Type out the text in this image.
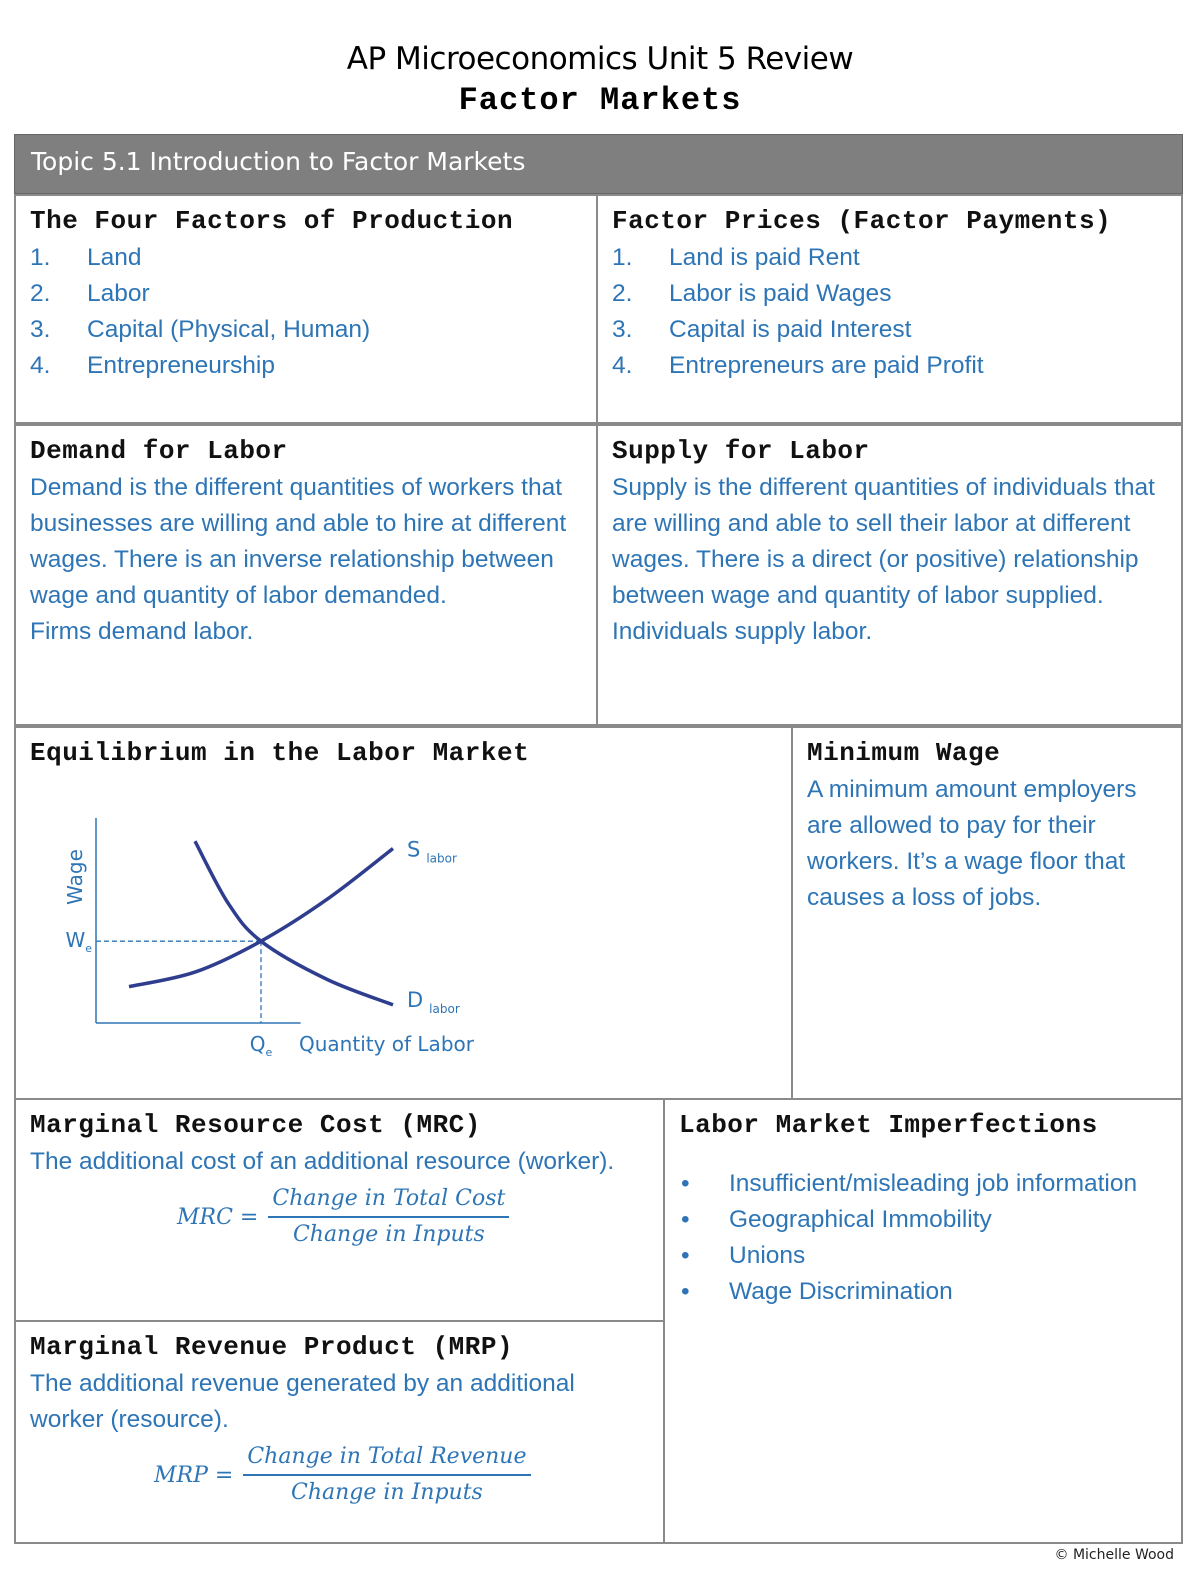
AP Microeconomics Unit 5 Review
Factor Markets
Topic 5.1 Introduction to Factor Markets
The Four Factors of Production
1.	Land
2.	Labor
3.	Capital (Physical, Human)
4.	Entrepreneurship
Factor Prices (Factor Payments)
1.	Land is paid Rent
2.	Labor is paid Wages
3.	Capital is paid Interest
4.	Entrepreneurs are paid Profit
Demand for Labor
Demand is the different quantities of workers that businesses are willing and able to hire at different wages. There is an inverse relationship between wage and quantity of labor demanded.
Firms demand labor.
Supply for Labor
Supply is the different quantities of individuals that are willing and able to sell their labor at different wages. There is a direct (or positive) relationship between wage and quantity of labor supplied.
Individuals supply labor.
Equilibrium in the Labor Market
Wage
Quantity of Labor
$W_e$
$Q_e$
S $_{labor}$
D $_{labor}$
Minimum Wage
A minimum amount employers are allowed to pay for their workers. It’s a wage floor that causes a loss of jobs.
Marginal Resource Cost (MRC)
The additional cost of an additional resource (worker).
MRC = $\frac{\text{Change in Total Cost}}{\text{Change in Inputs}}$
Marginal Revenue Product (MRP)
The additional revenue generated by an additional worker (resource).
MRP = $\frac{\text{Change in Total Revenue}}{\text{Change in Inputs}}$
Labor Market Imperfections
•	Insufficient/misleading job information
•	Geographical Immobility
•	Unions
•	Wage Discrimination
© Michelle Wood
